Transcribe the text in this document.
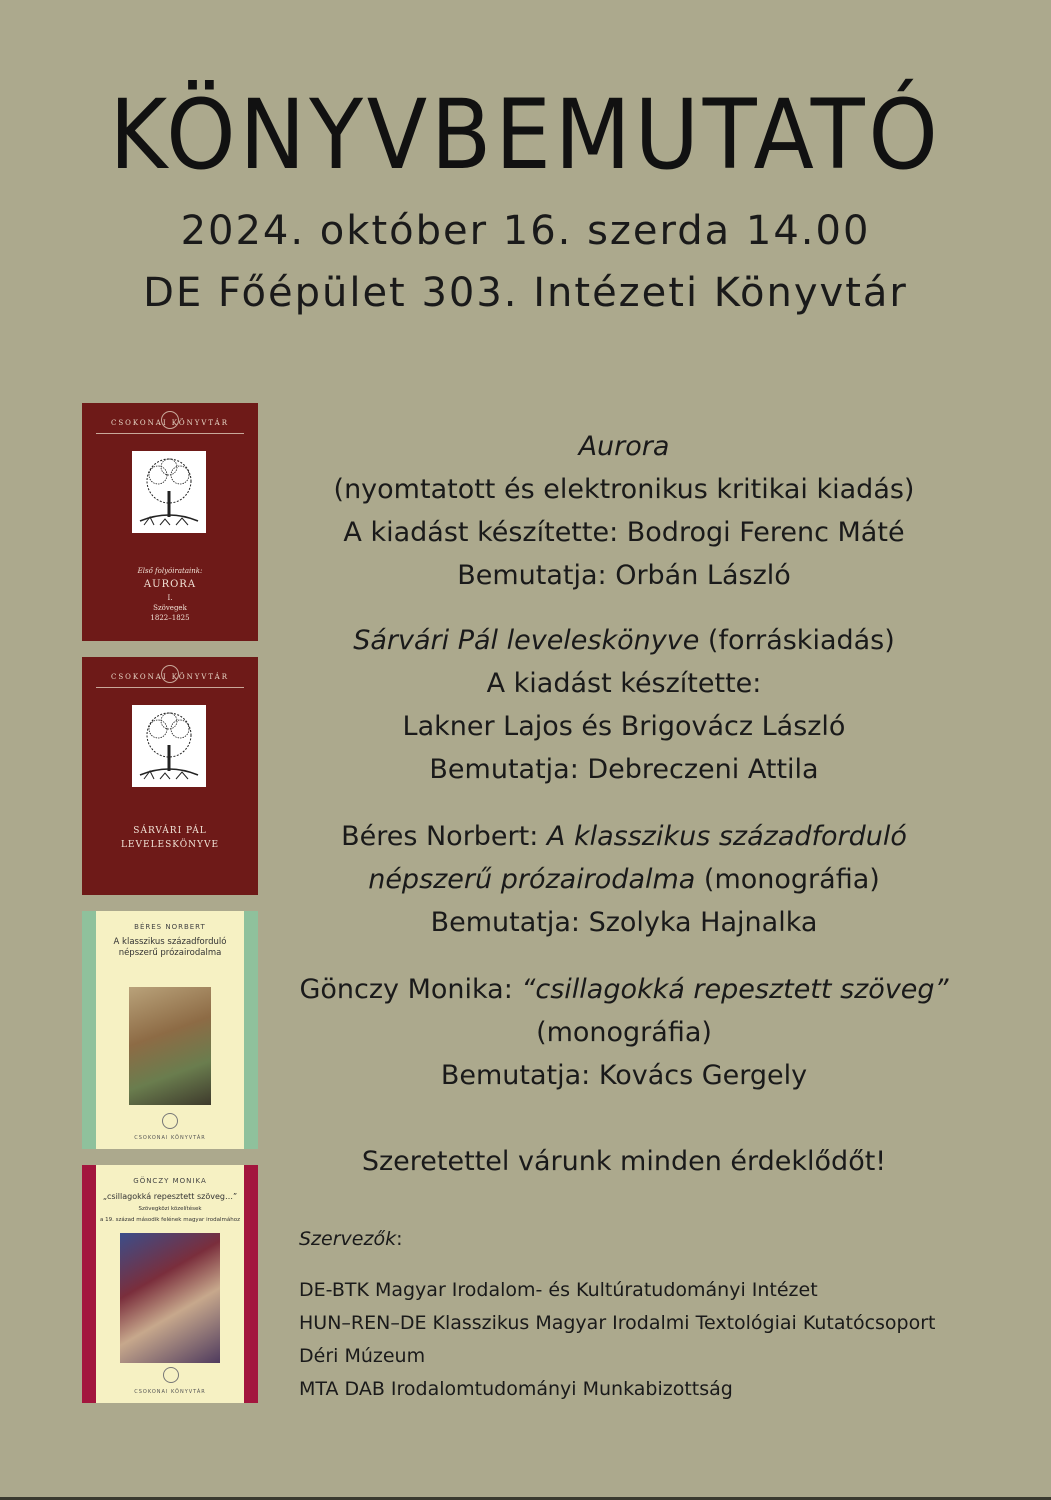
KÖNYVBEMUTATÓ
2024. október 16. szerda 14.00
DE Főépület 303. Intézeti Könyvtár
CSOKONAI KÖNYVTÁR
Első folyóirataink:
AURORA
I.
Szövegek
1822–1825
CSOKONAI KÖNYVTÁR
SÁRVÁRI PÁL
LEVELESKÖNYVE
BÉRES NORBERT
A klasszikus századforduló
népszerű prózairodalma
CSOKONAI KÖNYVTÁR
GÖNCZY MONIKA
„csillagokká repesztett szöveg…”
Szövegközi közelítések
a 19. század második felének magyar irodalmához
CSOKONAI KÖNYVTÁR
Aurora
(nyomtatott és elektronikus kritikai kiadás)
A kiadást készítette: Bodrogi Ferenc Máté
Bemutatja: Orbán László
Sárvári Pál leveleskönyve (forráskiadás)
A kiadást készítette:
Lakner Lajos és Brigovácz László
Bemutatja: Debreczeni Attila
Béres Norbert: A klasszikus századforduló
népszerű prózairodalma (monográfia)
Bemutatja: Szolyka Hajnalka
Gönczy Monika: “csillagokká repesztett szöveg”
(monográfia)
Bemutatja: Kovács Gergely
Szeretettel várunk minden érdeklődőt!
Szervezők:
DE-BTK Magyar Irodalom- és Kultúratudományi Intézet
HUN–REN–DE Klasszikus Magyar Irodalmi Textológiai Kutatócsoport
Déri Múzeum
MTA DAB Irodalomtudományi Munkabizottság
